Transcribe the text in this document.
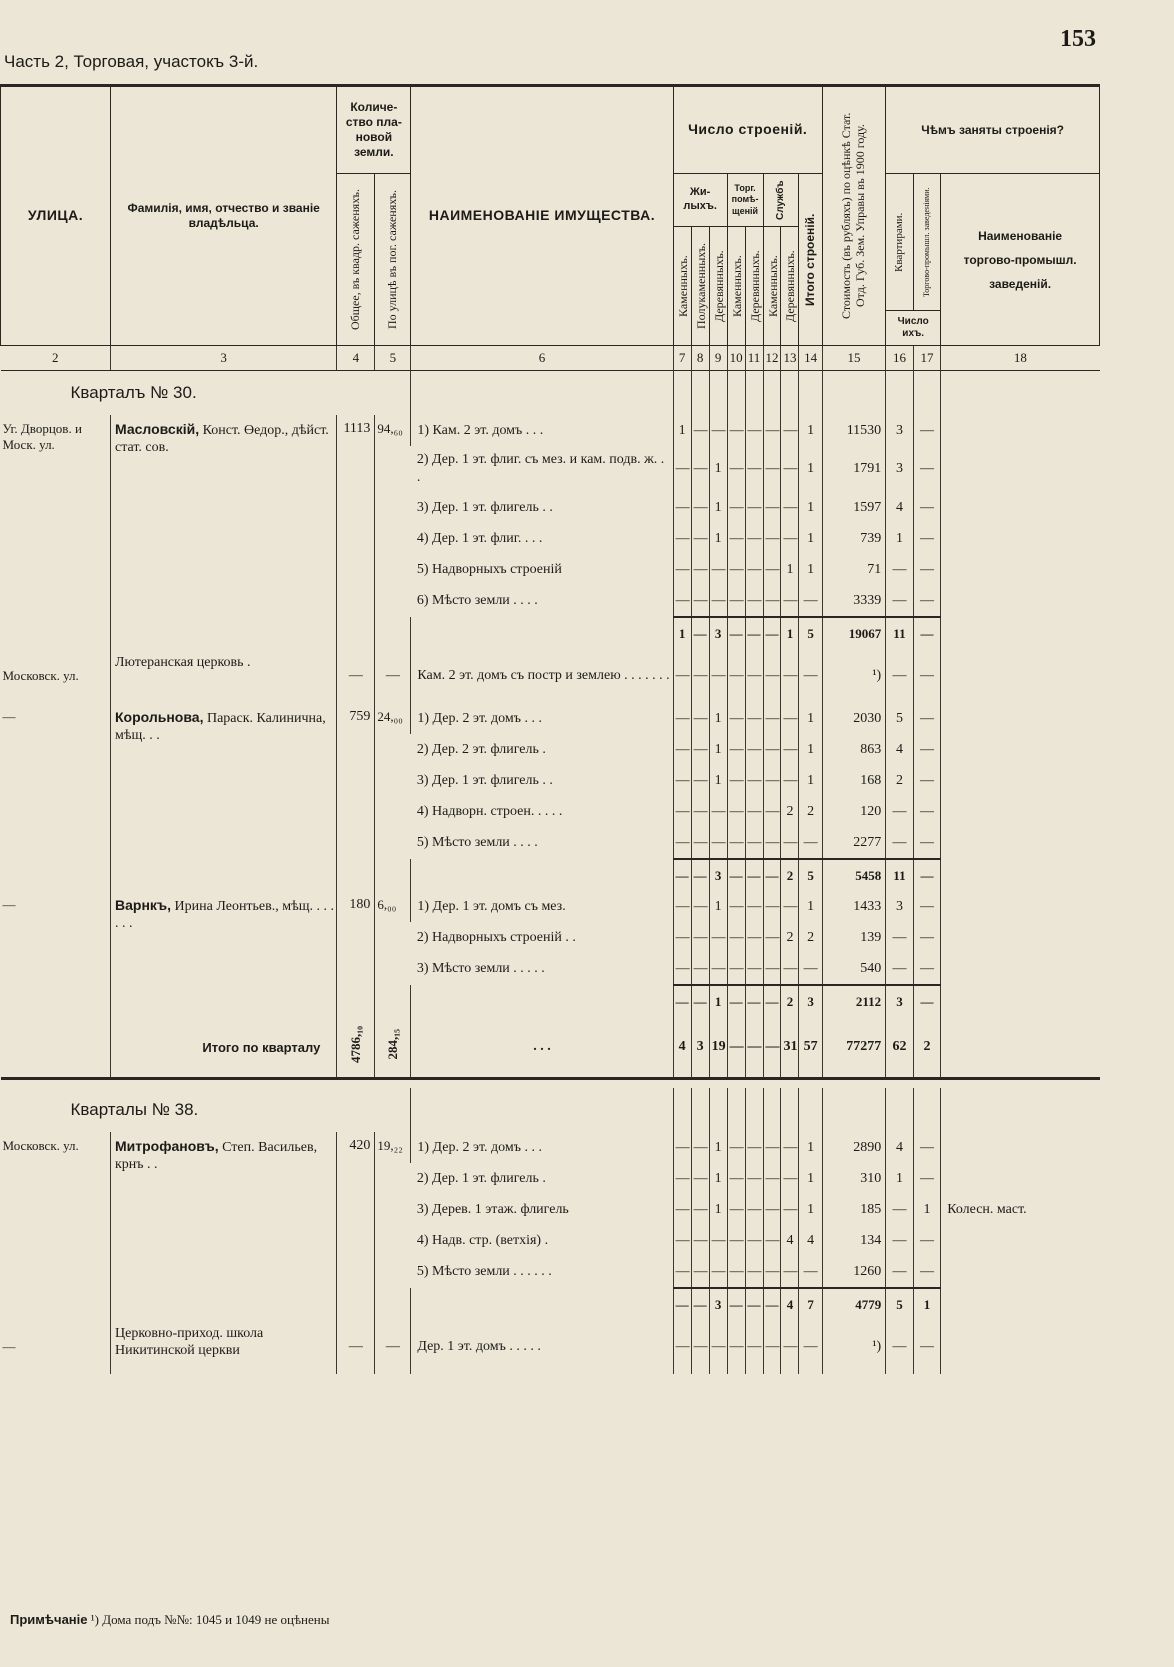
153
Часть 2, Торговая, участокъ 3-й.
УЛИЦА.	Фамилія, имя, отчество и званіе владѣльца.	Количество плановой земли.		НАИМЕНОВАНІЕ ИМУЩЕСТВА.	Число строеній.								Стоимость (въ рубляхъ) по оцѣнкѣ Стат. Отд. Губ. Зем. Управы въ 1900 году.	Чѣмъ заняты строенія?		

		Общее, въ квадр. саженяхъ.	По улицѣ въ пог. саженяхъ.		Жилыхъ.			Торг. помѣщеній		Службъ		Итого строеній.		Квартирами.	Торгово-промышл. заведеніями.	Наименованіе торгово-промышл. заведеній.

					Каменныхъ.	Полукаменныхъ.	Деревянныхъ.	Каменныхъ.	Деревянныхъ.	Каменныхъ.	Деревянныхъ.					

														Число ихъ.		
2	3	4	5	6	7	8	9	10	11	12	13	14	15	16	17	18
Кварталъ № 30.																
Уг. Дворцов. и Моск. ул.	Масловскій, Конст. Өедор., дѣйст. стат. сов.	1113	94,₆₀	1) Кам. 2 эт. домъ . . .	1	—	—	—	—	—	—	1	11530	3	—	
				2) Дер. 1 эт. флиг. съ мез. и кам. подв. ж. . .	—	—	1	—	—	—	—	1	1791	3	—	
				3) Дер. 1 эт. флигель . .	—	—	1	—	—	—	—	1	1597	4	—	
				4) Дер. 1 эт. флиг. . . .	—	—	1	—	—	—	—	1	739	1	—	
				5) Надворныхъ строеній	—	—	—	—	—	—	1	1	71	—	—	
				6) Мѣсто земли . . . .	—	—	—	—	—	—	—	—	3339	—	—	
					1	—	3	—	—	—	1	5	19067	11	—	
Московск. ул.	Лютеранская церковь .	—	—	Кам. 2 эт. домъ съ постр и землею . . . . . . .	—	—	—	—	—	—	—	—	¹)	—	—	
—	Корольнова, Параск. Калинична, мѣщ. . .	759	24,₀₀	1) Дер. 2 эт. домъ . . .	—	—	1	—	—	—	—	1	2030	5	—	
				2) Дер. 2 эт. флигель .	—	—	1	—	—	—	—	1	863	4	—	
				3) Дер. 1 эт. флигель . .	—	—	1	—	—	—	—	1	168	2	—	
				4) Надворн. строен. . . . .	—	—	—	—	—	—	2	2	120	—	—	
				5) Мѣсто земли . . . .	—	—	—	—	—	—	—	—	2277	—	—	
					—	—	3	—	—	—	2	5	5458	11	—	
—	Варнкъ, Ирина Леонтьев., мѣщ. . . . . . .	180	6,₀₀	1) Дер. 1 эт. домъ съ мез.	—	—	1	—	—	—	—	1	1433	3	—	
				2) Надворныхъ строеній . .	—	—	—	—	—	—	2	2	139	—	—	
				3) Мѣсто земли . . . . .	—	—	—	—	—	—	—	—	540	—	—	
					—	—	1	—	—	—	2	3	2112	3	—	
	Итого по кварталу	4786,₁₀	284,₁₅	. . .	4	3	19	—	—	—	31	57	77277	62	2	

Кварталы № 38.																
Московск. ул.	Митрофановъ, Степ. Васильев, крнъ . .	420	19,₂₂	1) Дер. 2 эт. домъ . . .	—	—	1	—	—	—	—	1	2890	4	—	
				2) Дер. 1 эт. флигель .	—	—	1	—	—	—	—	1	310	1	—	
				3) Дерев. 1 этаж. флигель	—	—	1	—	—	—	—	1	185	—	1	Колесн. маст.
				4) Надв. стр. (ветхія) .	—	—	—	—	—	—	4	4	134	—	—	
				5) Мѣсто земли . . . . . .	—	—	—	—	—	—	—	—	1260	—	—	
					—	—	3	—	—	—	4	7	4779	5	1	
—	Церковно-приход. школа Никитинской церкви	—	—	Дер. 1 эт. домъ . . . . .	—	—	—	—	—	—	—	—	¹)	—	—	
Примѣчаніе ¹) Дома подъ №№: 1045 и 1049 не оцѣнены
